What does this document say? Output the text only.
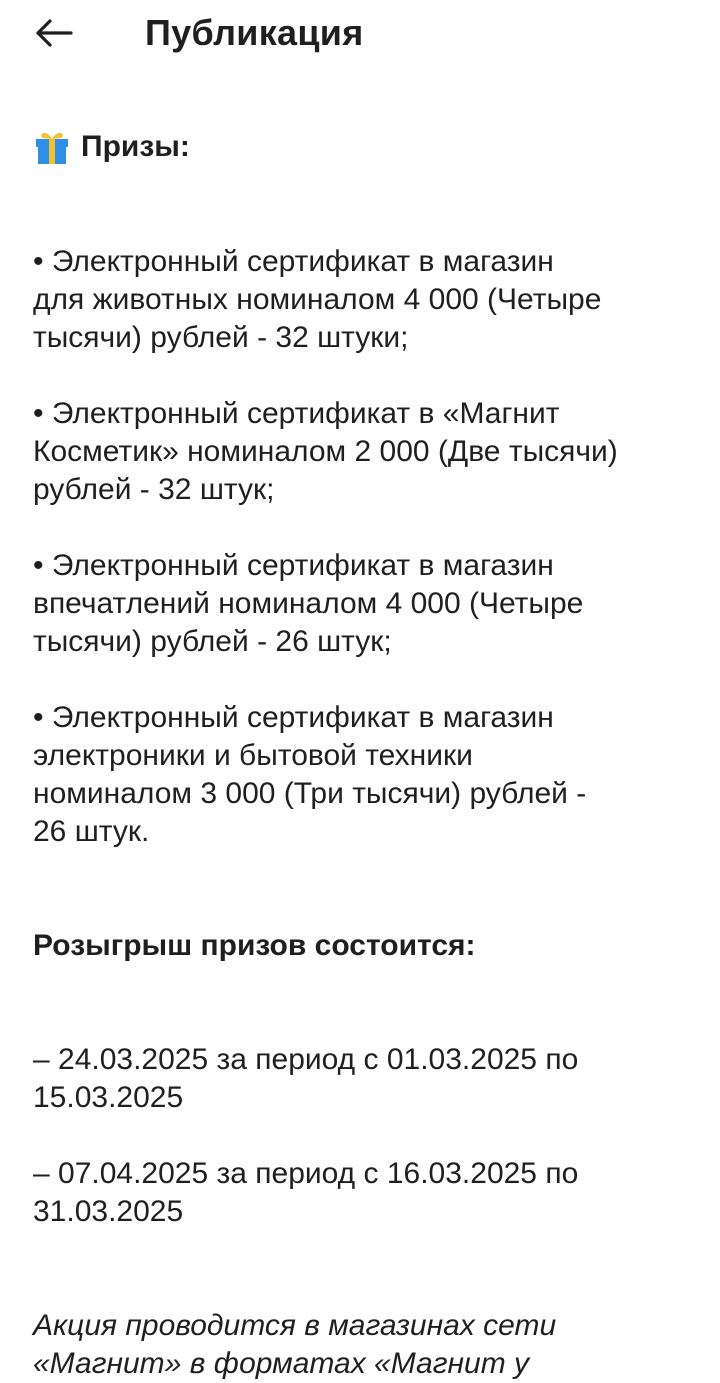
Публикация
Призы:
• Электронный сертификат в магазин
для животных номиналом 4 000 (Четыре
тысячи) рублей - 32 штуки;
• Электронный сертификат в «Магнит
Косметик» номиналом 2 000 (Две тысячи)
рублей - 32 штук;
• Электронный сертификат в магазин
впечатлений номиналом 4 000 (Четыре
тысячи) рублей - 26 штук;
• Электронный сертификат в магазин
электроники и бытовой техники
номиналом 3 000 (Три тысячи) рублей -
26 штук.
Розыгрыш призов состоится:
– 24.03.2025 за период с 01.03.2025 по
15.03.2025
– 07.04.2025 за период с 16.03.2025 по
31.03.2025
Акция проводится в магазинах сети
«Магнит» в форматах «Магнит у
